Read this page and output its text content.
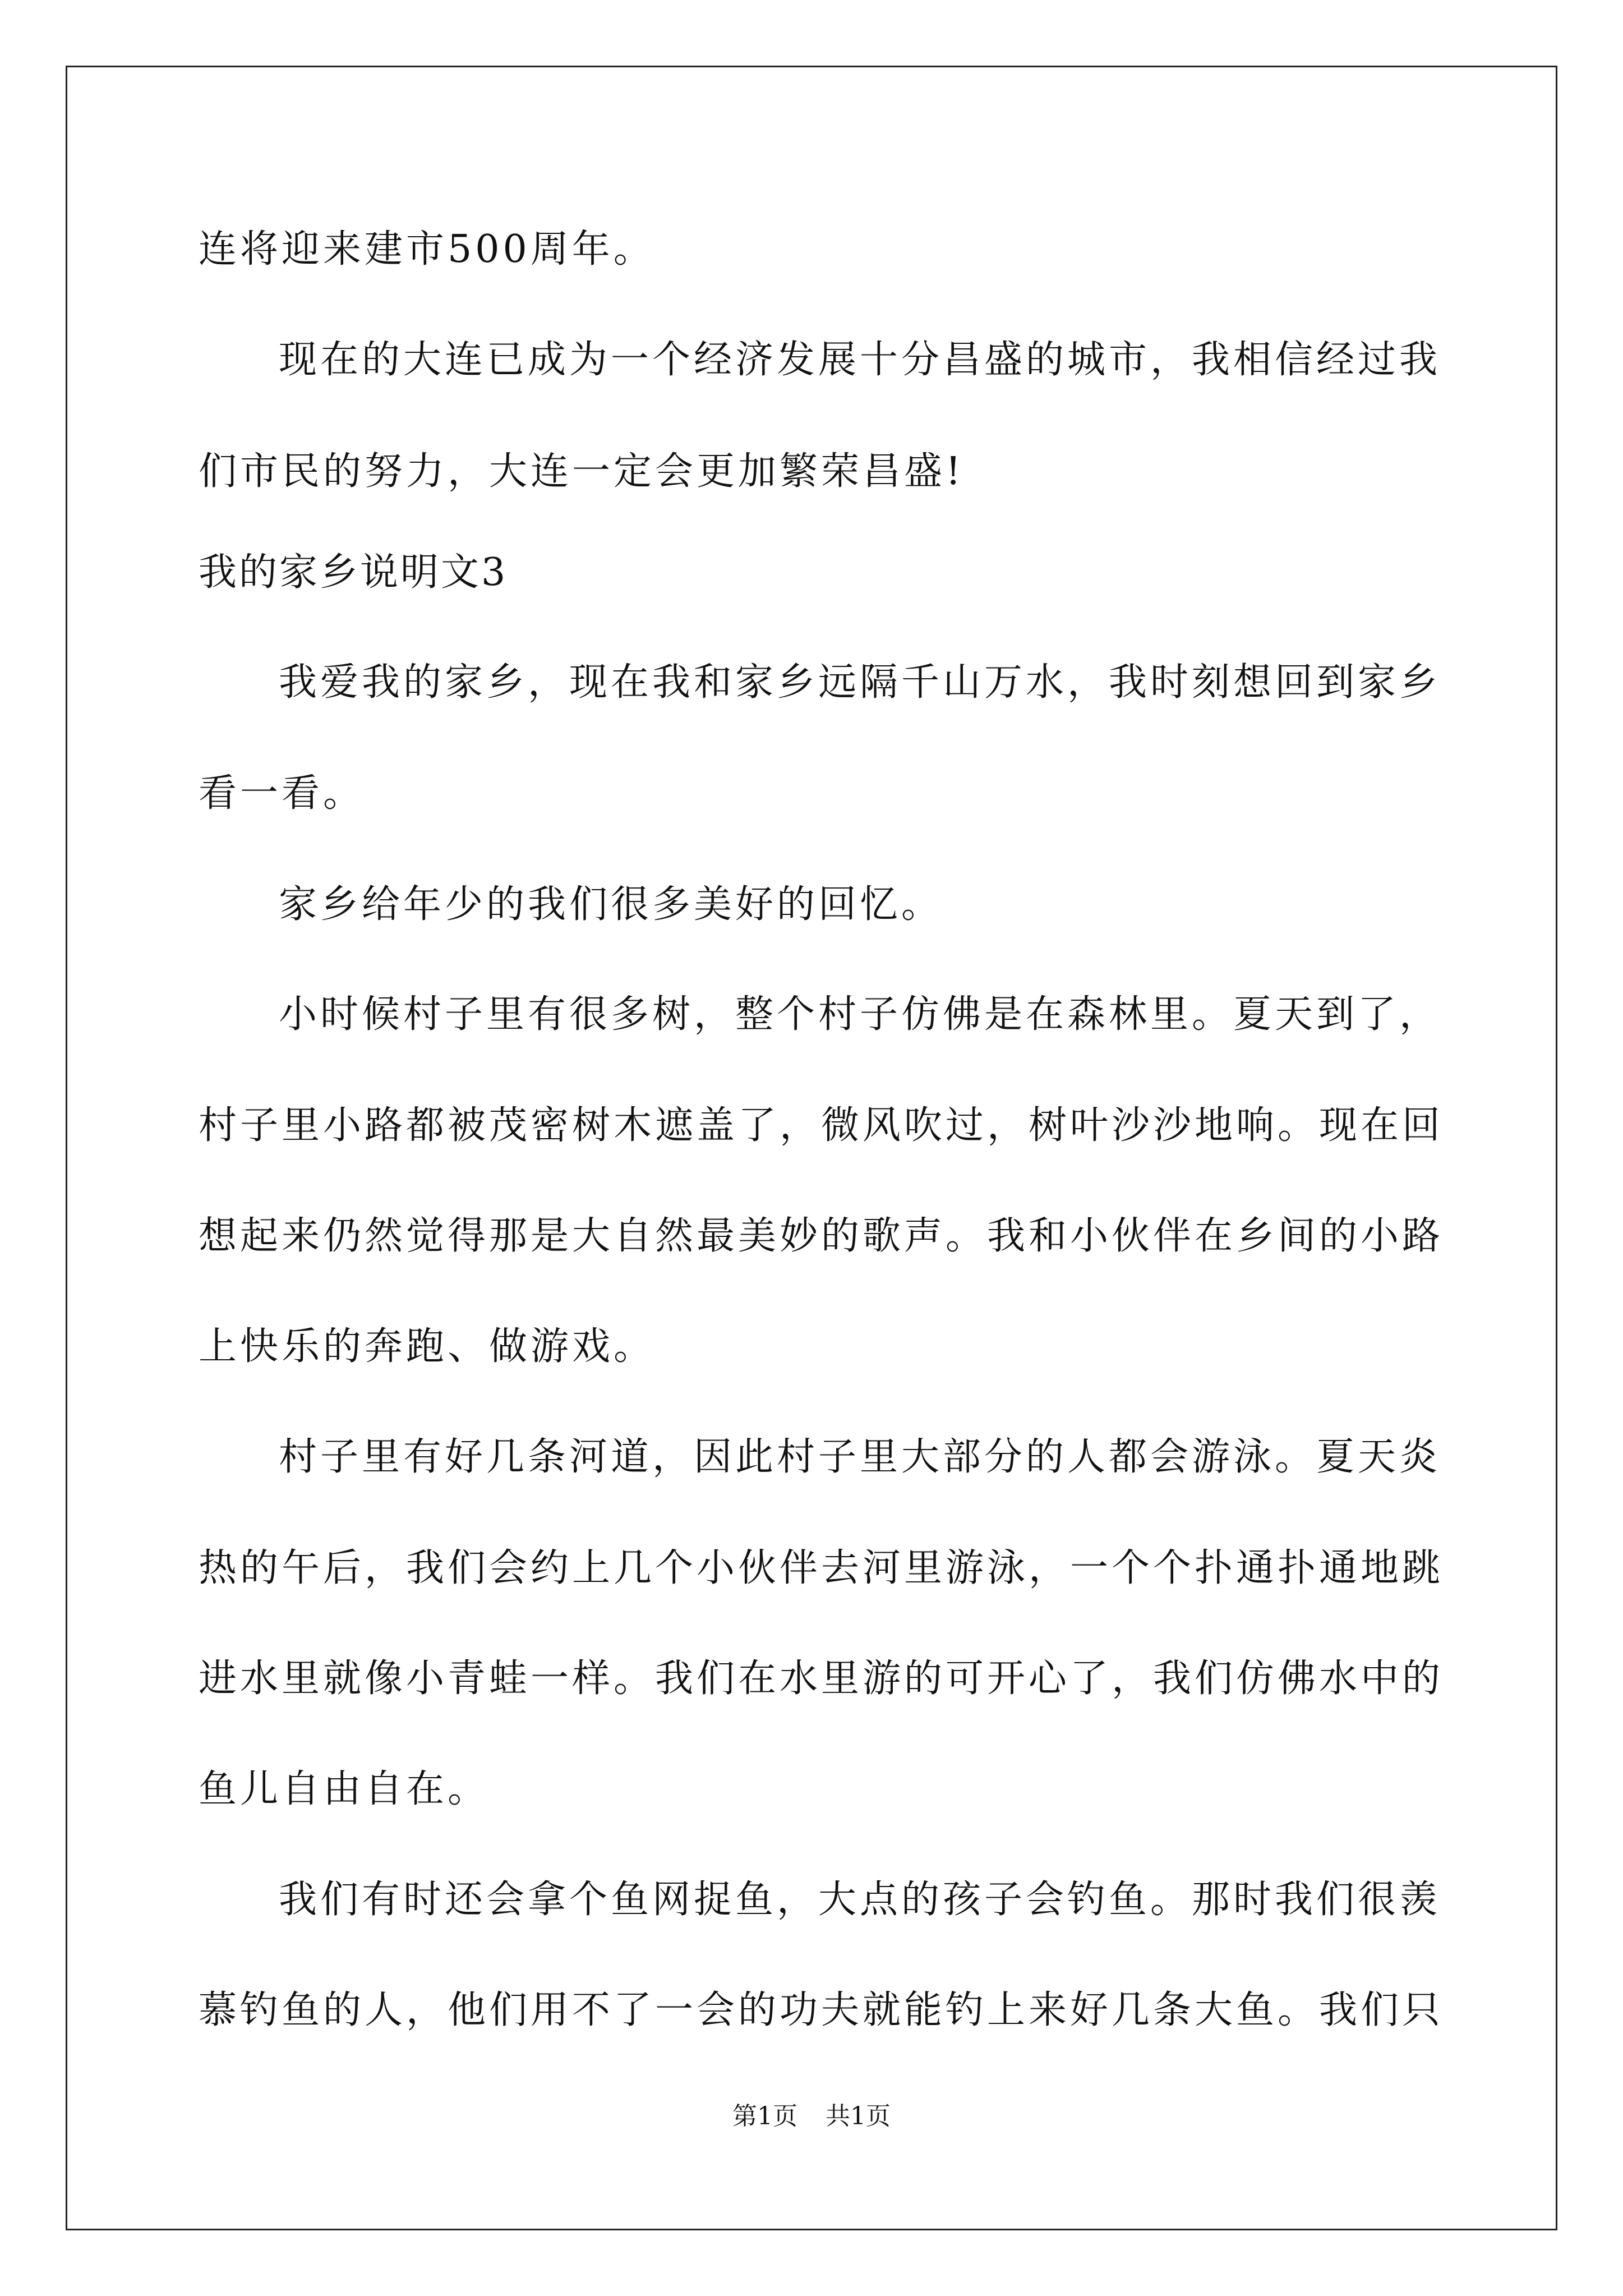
连将迎来建市500周年。
现在的大连已成为一个经济发展十分昌盛的城市，我相信经过我
们市民的努力，大连一定会更加繁荣昌盛!
我的家乡说明文3
我爱我的家乡，现在我和家乡远隔千山万水，我时刻想回到家乡
看一看。
家乡给年少的我们很多美好的回忆。
小时候村子里有很多树，整个村子仿佛是在森林里。夏天到了，
村子里小路都被茂密树木遮盖了，微风吹过，树叶沙沙地响。现在回
想起来仍然觉得那是大自然最美妙的歌声。我和小伙伴在乡间的小路
上快乐的奔跑、做游戏。
村子里有好几条河道，因此村子里大部分的人都会游泳。夏天炎
热的午后，我们会约上几个小伙伴去河里游泳，一个个扑通扑通地跳
进水里就像小青蛙一样。我们在水里游的可开心了，我们仿佛水中的
鱼儿自由自在。
我们有时还会拿个鱼网捉鱼，大点的孩子会钓鱼。那时我们很羡
慕钓鱼的人，他们用不了一会的功夫就能钓上来好几条大鱼。我们只
第1页 共1页
